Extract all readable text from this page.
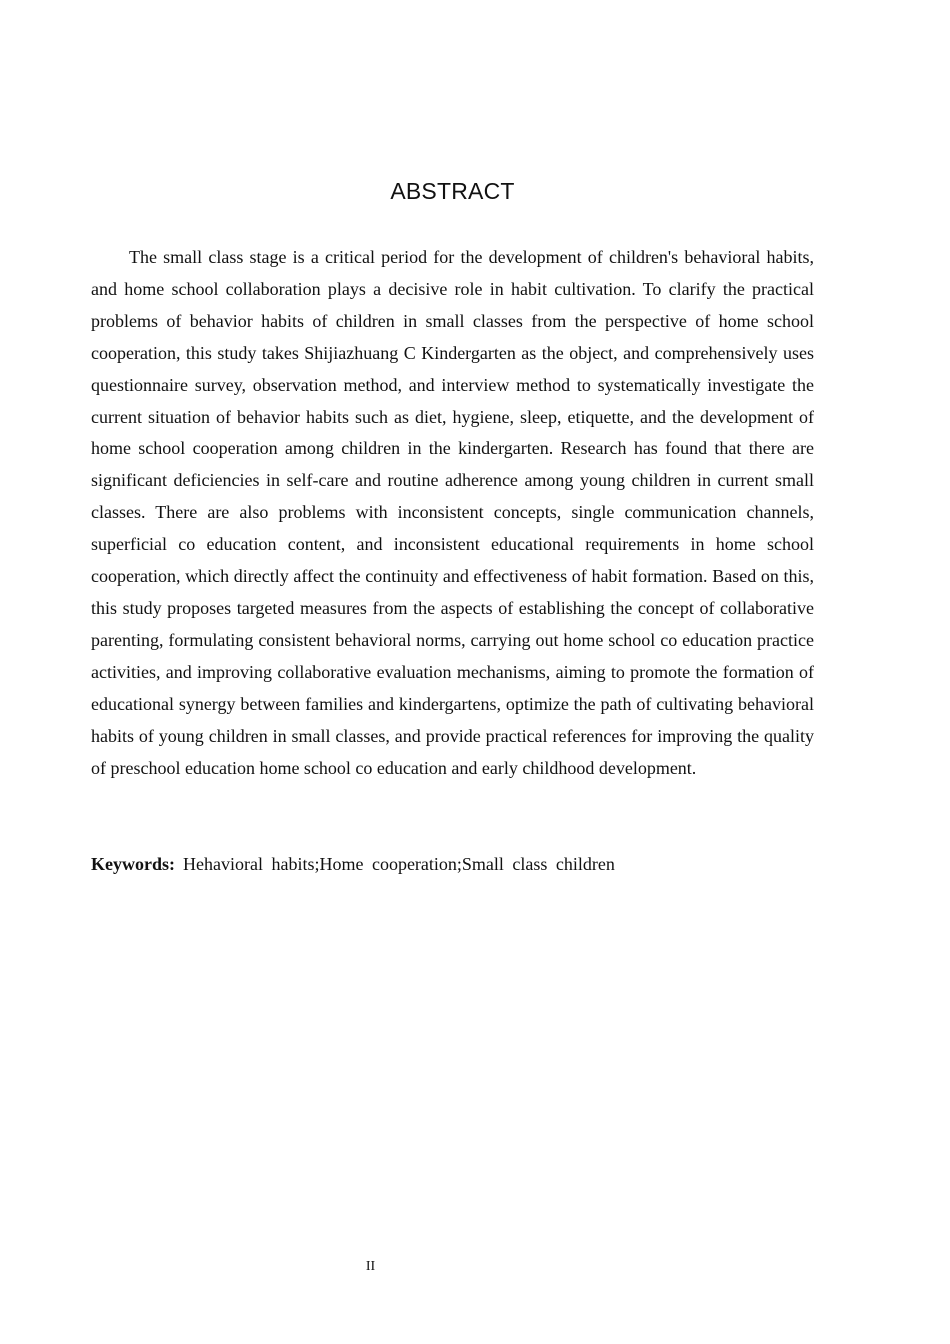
ABSTRACT

The small class stage is a critical period for the development of children's behavioral habits, and home school collaboration plays a decisive role in habit cultivation. To clarify the practical problems of behavior habits of children in small classes from the perspective of home school cooperation, this study takes Shijiazhuang C Kindergarten as the object, and comprehensively uses questionnaire survey, observation method, and interview method to systematically investigate the current situation of behavior habits such as diet, hygiene, sleep, etiquette, and the development of home school cooperation among children in the kindergarten. Research has found that there are significant deficiencies in self-care and routine adherence among young children in current small classes. There are also problems with inconsistent concepts, single communication channels, superficial co education content, and inconsistent educational requirements in home school cooperation, which directly affect the continuity and effectiveness of habit formation. Based on this, this study proposes targeted measures from the aspects of establishing the concept of collaborative parenting, formulating consistent behavioral norms, carrying out home school co education practice activities, and improving collaborative evaluation mechanisms, aiming to promote the formation of educational synergy between families and kindergartens, optimize the path of cultivating behavioral habits of young children in small classes, and provide practical references for improving the quality of preschool education home school co education and early childhood development.

Keywords: Hehavioral habits;Home cooperation;Small class children
II
